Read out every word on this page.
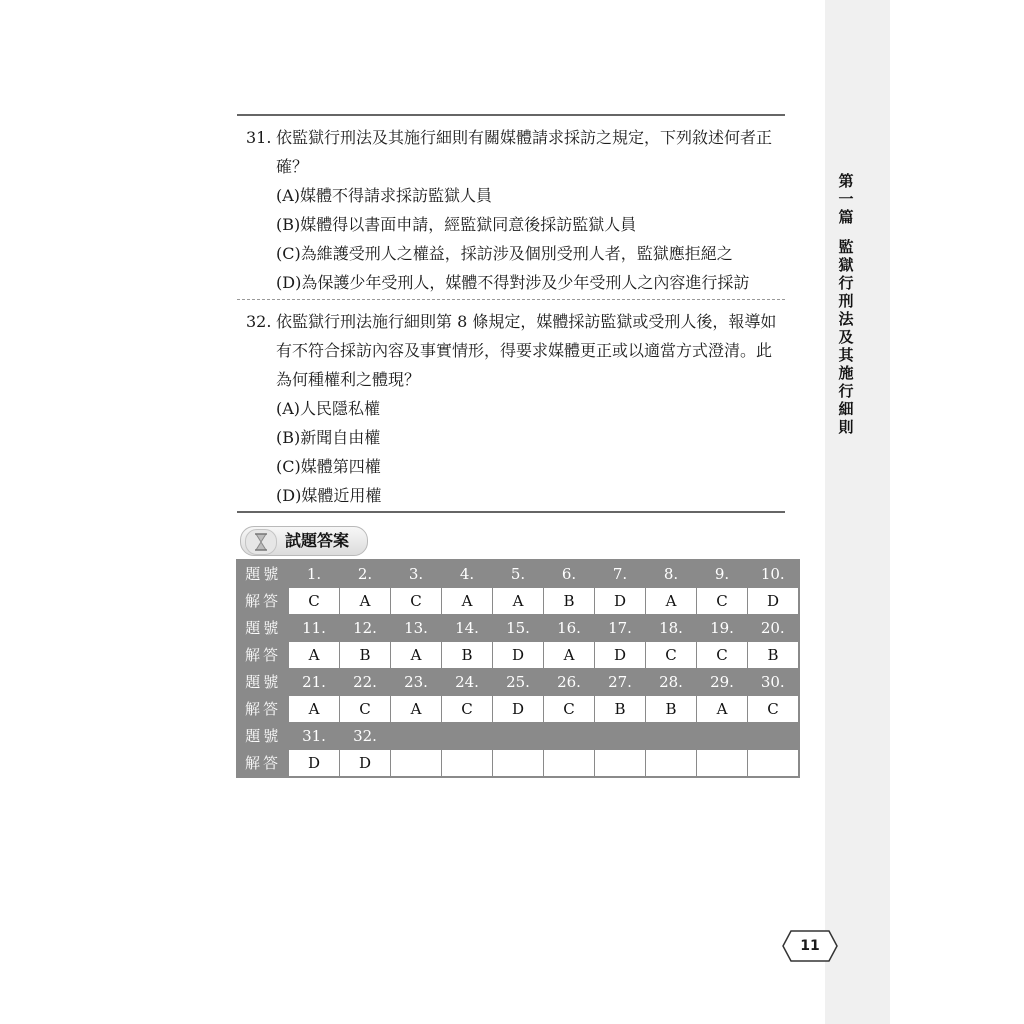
第一篇
監獄行刑法及其施行細則
31. 依監獄行刑法及其施行細則有關媒體請求採訪之規定，下列敘述何者正確？
(A)媒體不得請求採訪監獄人員
(B)媒體得以書面申請，經監獄同意後採訪監獄人員
(C)為維護受刑人之權益，採訪涉及個別受刑人者，監獄應拒絕之
(D)為保護少年受刑人，媒體不得對涉及少年受刑人之內容進行採訪
32. 依監獄行刑法施行細則第 8 條規定，媒體採訪監獄或受刑人後，報導如有不符合採訪內容及事實情形，得要求媒體更正或以適當方式澄清。此為何種權利之體現？
(A)人民隱私權
(B)新聞自由權
(C)媒體第四權
(D)媒體近用權
試題答案
題號	1.	2.	3.	4.	5.	6.	7.	8.	9.	10.
解答	C	A	C	A	A	B	D	A	C	D
題號	11.	12.	13.	14.	15.	16.	17.	18.	19.	20.
解答	A	B	A	B	D	A	D	C	C	B
題號	21.	22.	23.	24.	25.	26.	27.	28.	29.	30.
解答	A	C	A	C	D	C	B	B	A	C
題號	31.	32.								
解答	D	D								
11
